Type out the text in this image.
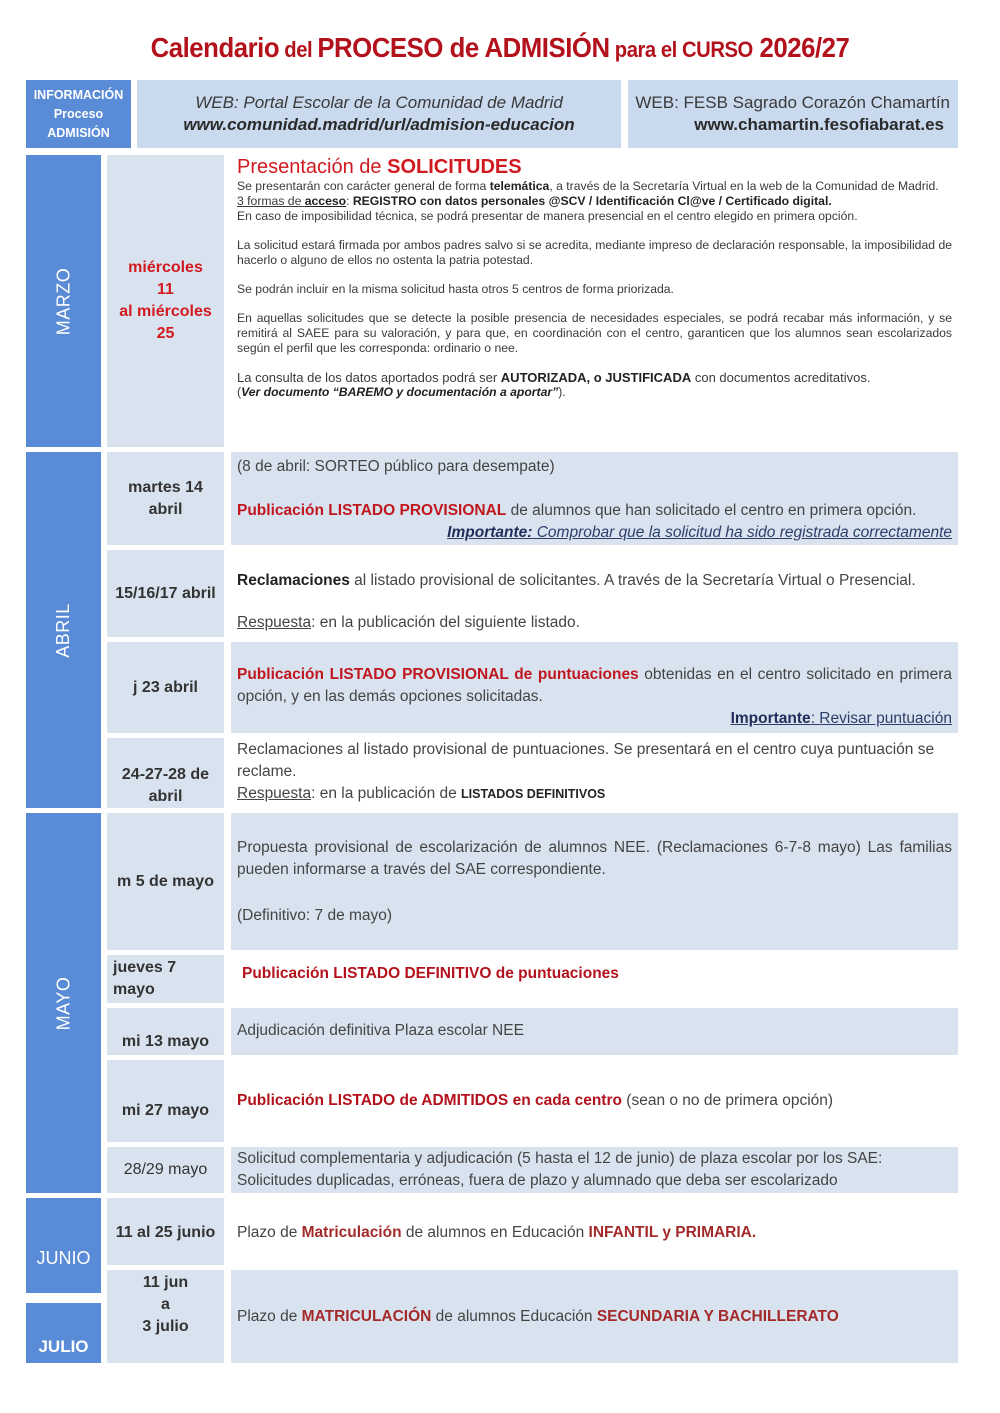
Calendario del PROCESO de ADMISIÓN para el CURSO 2026/27
INFORMACIÓN
Proceso
ADMISIÓN
WEB: Portal Escolar de la Comunidad de Madrid
www.comunidad.madrid/url/admision-educacion
WEB: FESB Sagrado Corazón Chamartín
www.chamartin.fesofiabarat.es
MARZO	miércoles
11
al miércoles
25
Presentación de SOLICITUDES
Se presentarán con carácter general de forma telemática, a través de la Secretaría Virtual en la web de la Comunidad de Madrid.
3 formas de acceso: REGISTRO con datos personales @SCV / Identificación Cl@ve / Certificado digital.
En caso de imposibilidad técnica, se podrá presentar de manera presencial en el centro elegido en primera opción.
La solicitud estará firmada por ambos padres salvo si se acredita, mediante impreso de declaración responsable, la imposibilidad de hacerlo o alguno de ellos no ostenta la patria potestad.
Se podrán incluir en la misma solicitud hasta otros 5 centros de forma priorizada.
En aquellas solicitudes que se detecte la posible presencia de necesidades especiales, se podrá recabar más información, y se remitirá al SAEE para su valoración, y para que, en coordinación con el centro, garanticen que los alumnos sean escolarizados según el perfil que les corresponda: ordinario o nee.
La consulta de los datos aportados podrá ser AUTORIZADA, o JUSTIFICADA con documentos acreditativos.
(Ver documento “BAREMO y documentación a aportar”).
ABRIL
martes 14
abril
(8 de abril: SORTEO público para desempate)
Publicación LISTADO PROVISIONAL de alumnos que han solicitado el centro en primera opción.
Importante: Comprobar que la solicitud ha sido registrada correctamente
15/16/17 abril
Reclamaciones al listado provisional de solicitantes. A través de la Secretaría Virtual o Presencial.
Respuesta: en la publicación del siguiente listado.
j 23 abril
Publicación LISTADO PROVISIONAL de puntuaciones obtenidas en el centro solicitado en primera opción, y en las demás opciones solicitadas.
Importante: Revisar puntuación
24-27-28 de
abril
Reclamaciones al listado provisional de puntuaciones. Se presentará en el centro cuya puntuación se reclame.
Respuesta: en la publicación de LISTADOS DEFINITIVOS
MAYO
m 5 de mayo
Propuesta provisional de escolarización de alumnos NEE. (Reclamaciones 6-7-8 mayo) Las familias pueden informarse a través del SAE correspondiente.
(Definitivo: 7 de mayo)
jueves 7
mayo
Publicación LISTADO DEFINITIVO de puntuaciones
mi 13 mayo
Adjudicación definitiva Plaza escolar NEE
mi 27 mayo
Publicación LISTADO de ADMITIDOS en cada centro (sean o no de primera opción)
28/29 mayo
Solicitud complementaria y adjudicación (5 hasta el 12 de junio) de plaza escolar por los SAE:
Solicitudes duplicadas, erróneas, fuera de plazo y alumnado que deba ser escolarizado
JUNIO
11 al 25 junio Plazo de Matriculación de alumnos en Educación INFANTIL y PRIMARIA.
JULIO
11 jun
a
3 julio
Plazo de MATRICULACIÓN de alumnos Educación SECUNDARIA Y BACHILLERATO
